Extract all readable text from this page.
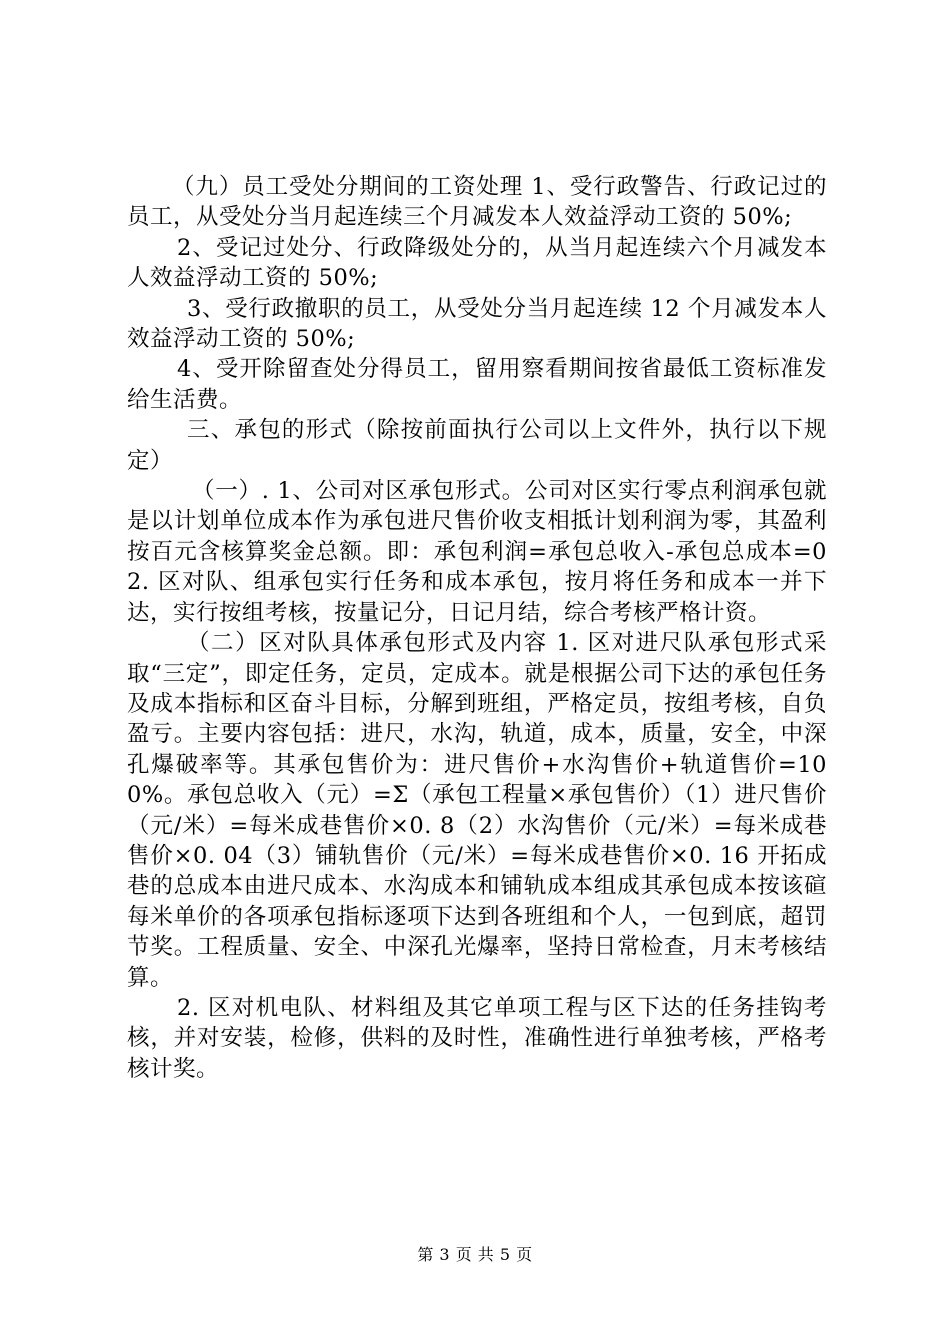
（九）员工受处分期间的工资处理 1、受行政警告、行政记过的员工，从受处分当月起连续三个月减发本人效益浮动工资的 50%;

2、受记过处分、行政降级处分的，从当月起连续六个月减发本人效益浮动工资的 50%;

3、受行政撤职的员工，从受处分当月起连续 12 个月减发本人效益浮动工资的 50%;

4、受开除留查处分得员工，留用察看期间按省最低工资标准发给生活费。

三、承包的形式（除按前面执行公司以上文件外，执行以下规定）

（一）. 1、公司对区承包形式。公司对区实行零点利润承包就是以计划单位成本作为承包进尺售价收支相抵计划利润为零，其盈利按百元含核算奖金总额。即：承包利润=承包总收入-承包总成本=02. 区对队、组承包实行任务和成本承包，按月将任务和成本一并下达，实行按组考核，按量记分，日记月结，综合考核严格计资。

（二）区对队具体承包形式及内容 1. 区对进尺队承包形式采取“三定”，即定任务，定员，定成本。就是根据公司下达的承包任务及成本指标和区奋斗目标，分解到班组，严格定员，按组考核，自负盈亏。主要内容包括：进尺，水沟，轨道，成本，质量，安全，中深孔爆破率等。其承包售价为：进尺售价+水沟售价+轨道售价=100%。承包总收入（元）=Σ（承包工程量×承包售价）（1）进尺售价（元/米）=每米成巷售价×0. 8（2）水沟售价（元/米）=每米成巷售价×0. 04（3）铺轨售价（元/米）=每米成巷售价×0. 16 开拓成巷的总成本由进尺成本、水沟成本和铺轨成本组成其承包成本按该碹每米单价的各项承包指标逐项下达到各班组和个人，一包到底，超罚节奖。工程质量、安全、中深孔光爆率，坚持日常检查，月末考核结算。

2. 区对机电队、材料组及其它单项工程与区下达的任务挂钩考核，并对安装，检修，供料的及时性，准确性进行单独考核，严格考核计奖。

第 3 页 共 5 页
